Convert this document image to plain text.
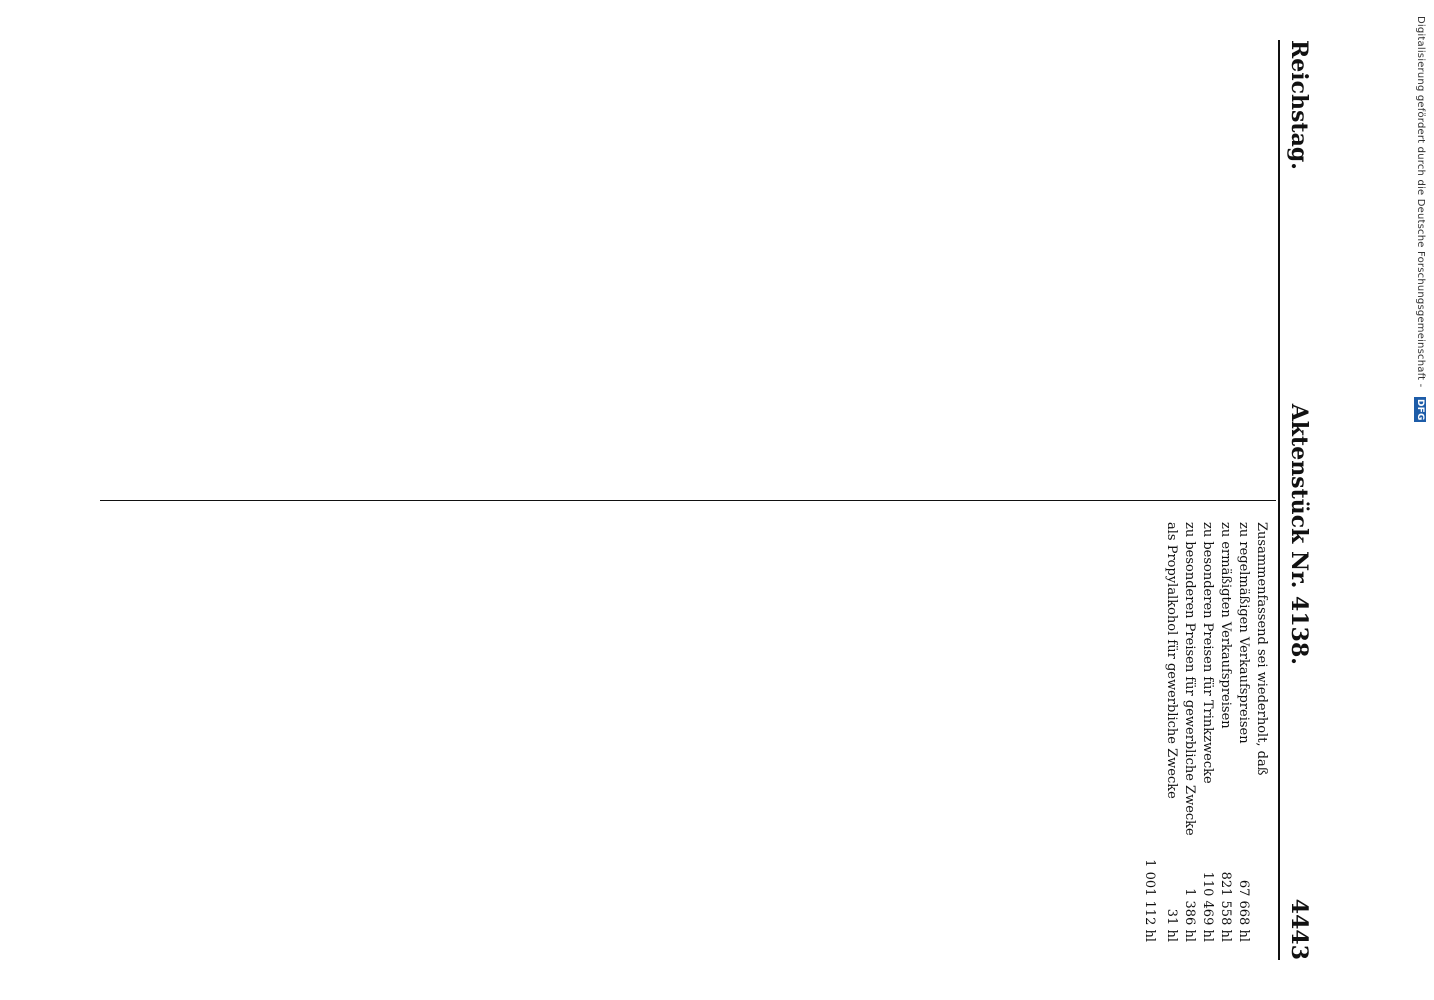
Reichstag.
Aktenstück Nr. 4138.
4443
Zusammenfassend sei wiederholt, daß
zu regelmäßigen Verkaufspreisen
67 668 hl
zu ermäßigten Verkaufspreisen
821 558 hl
zu besonderen Preisen für Trinkzwecke
110 469 hl
zu besonderen Preisen für gewerbliche Zwecke
1 386 hl
als Propylalkohol für gewerbliche Zwecke
31 hl
1 001 112 hl
Digitalisierung gefördert durch die Deutsche Forschungsgemeinschaft - DFG
